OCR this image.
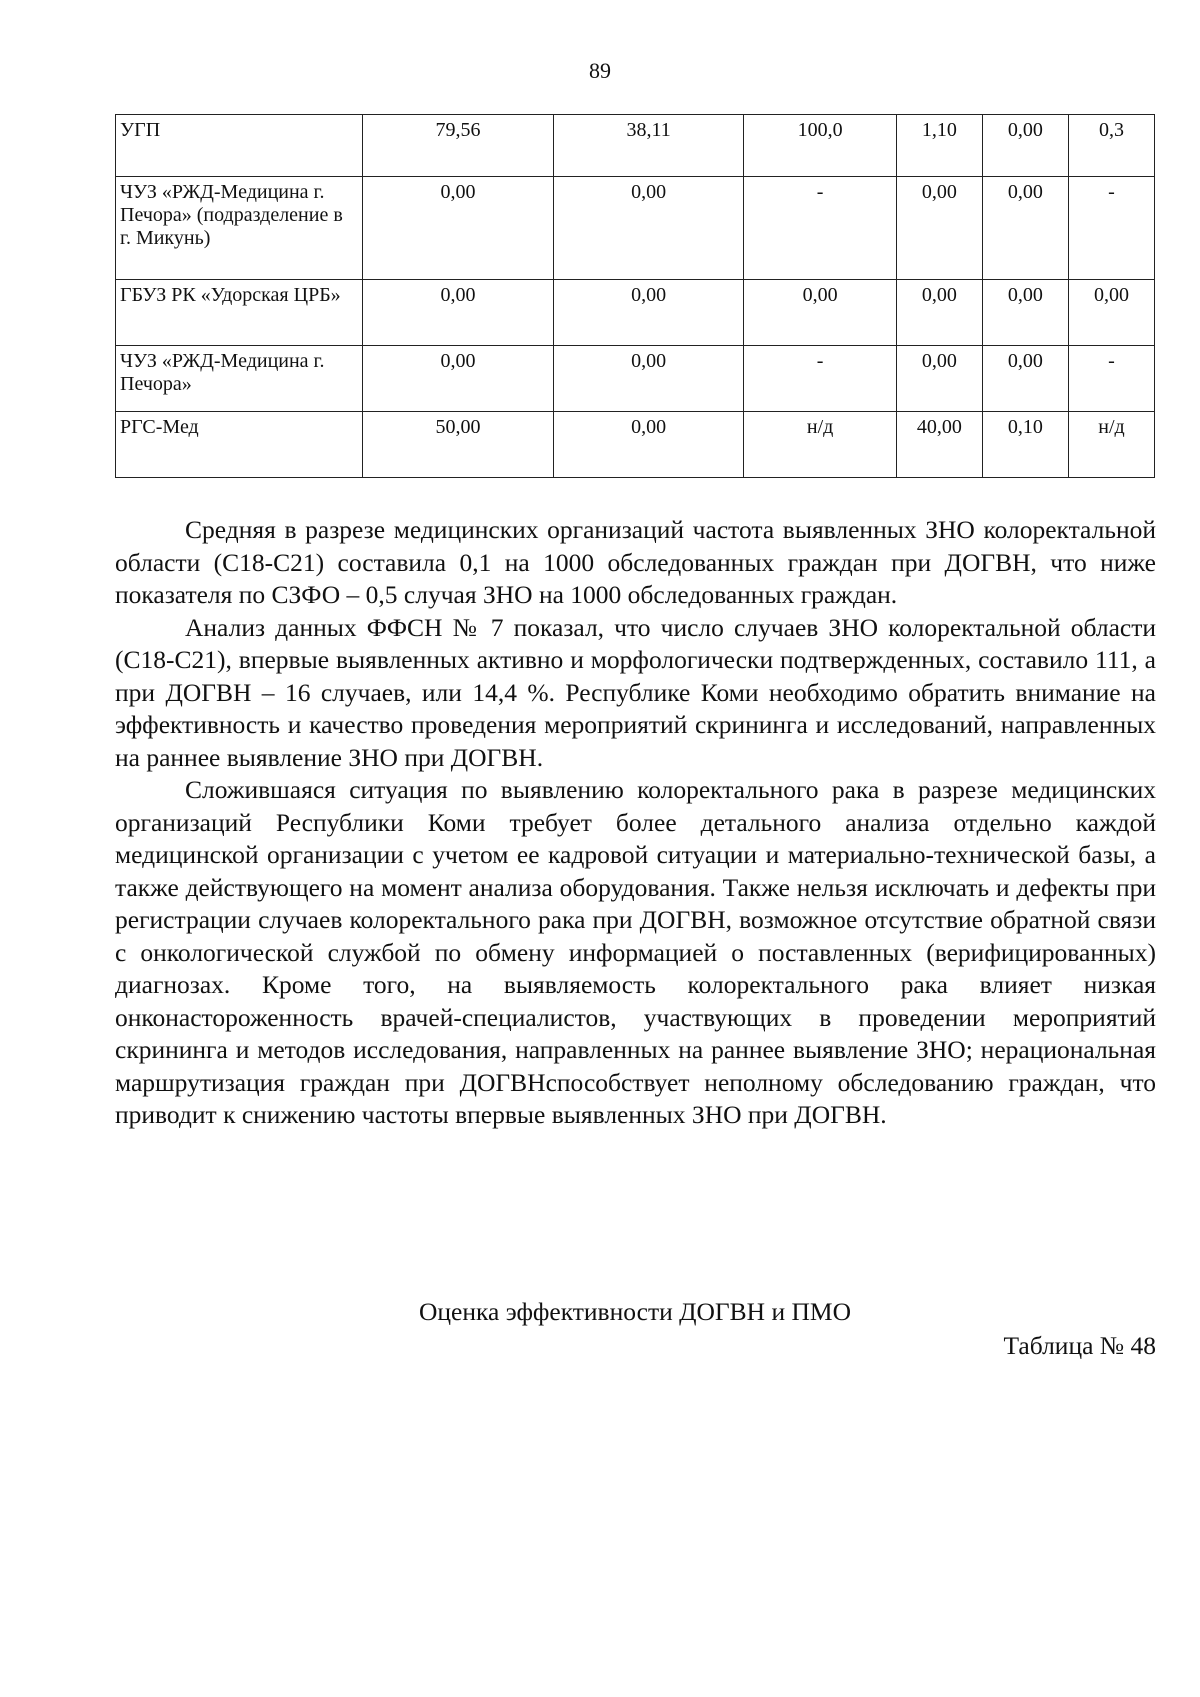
89
УГП	79,56	38,11	100,0	1,10	0,00	0,3
ЧУЗ «РЖД-Медицина г. Печора» (подразделение в г. Микунь)	0,00	0,00	-	0,00	0,00	-
ГБУЗ РК «Удорская ЦРБ»	0,00	0,00	0,00	0,00	0,00	0,00
ЧУЗ «РЖД-Медицина г. Печора»	0,00	0,00	-	0,00	0,00	-
РГС-Мед	50,00	0,00	н/д	40,00	0,10	н/д

Средняя в разрезе медицинских организаций частота выявленных ЗНО колоректальной области (С18-С21) составила 0,1 на 1000 обследованных граждан при ДОГВН, что ниже показателя по СЗФО – 0,5 случая ЗНО на 1000 обследованных граждан.

Анализ данных ФФСН № 7 показал, что число случаев ЗНО колоректальной области (С18-С21), впервые выявленных активно и морфологически подтвержденных, составило 111, а при ДОГВН – 16 случаев, или 14,4 %. Республике Коми необходимо обратить внимание на эффективность и качество проведения мероприятий скрининга и исследований, направленных на раннее выявление ЗНО при ДОГВН.

Сложившаяся ситуация по выявлению колоректального рака в разрезе медицинских организаций Республики Коми требует более детального анализа отдельно каждой медицинской организации с учетом ее кадровой ситуации и материально-технической базы, а также действующего на момент анализа оборудования. Также нельзя исключать и дефекты при регистрации случаев колоректального рака при ДОГВН, возможное отсутствие обратной связи с онкологической службой по обмену информацией о поставленных (верифицированных) диагнозах. Кроме того, на выявляемость колоректального рака влияет низкая онконастороженность врачей-специалистов, участвующих в проведении мероприятий скрининга и методов исследования, направленных на раннее выявление ЗНО; нерациональная маршрутизация граждан при ДОГВНспособствует неполному обследованию граждан, что приводит к снижению частоты впервые выявленных ЗНО при ДОГВН.

Оценка эффективности ДОГВН и ПМО
Таблица № 48
